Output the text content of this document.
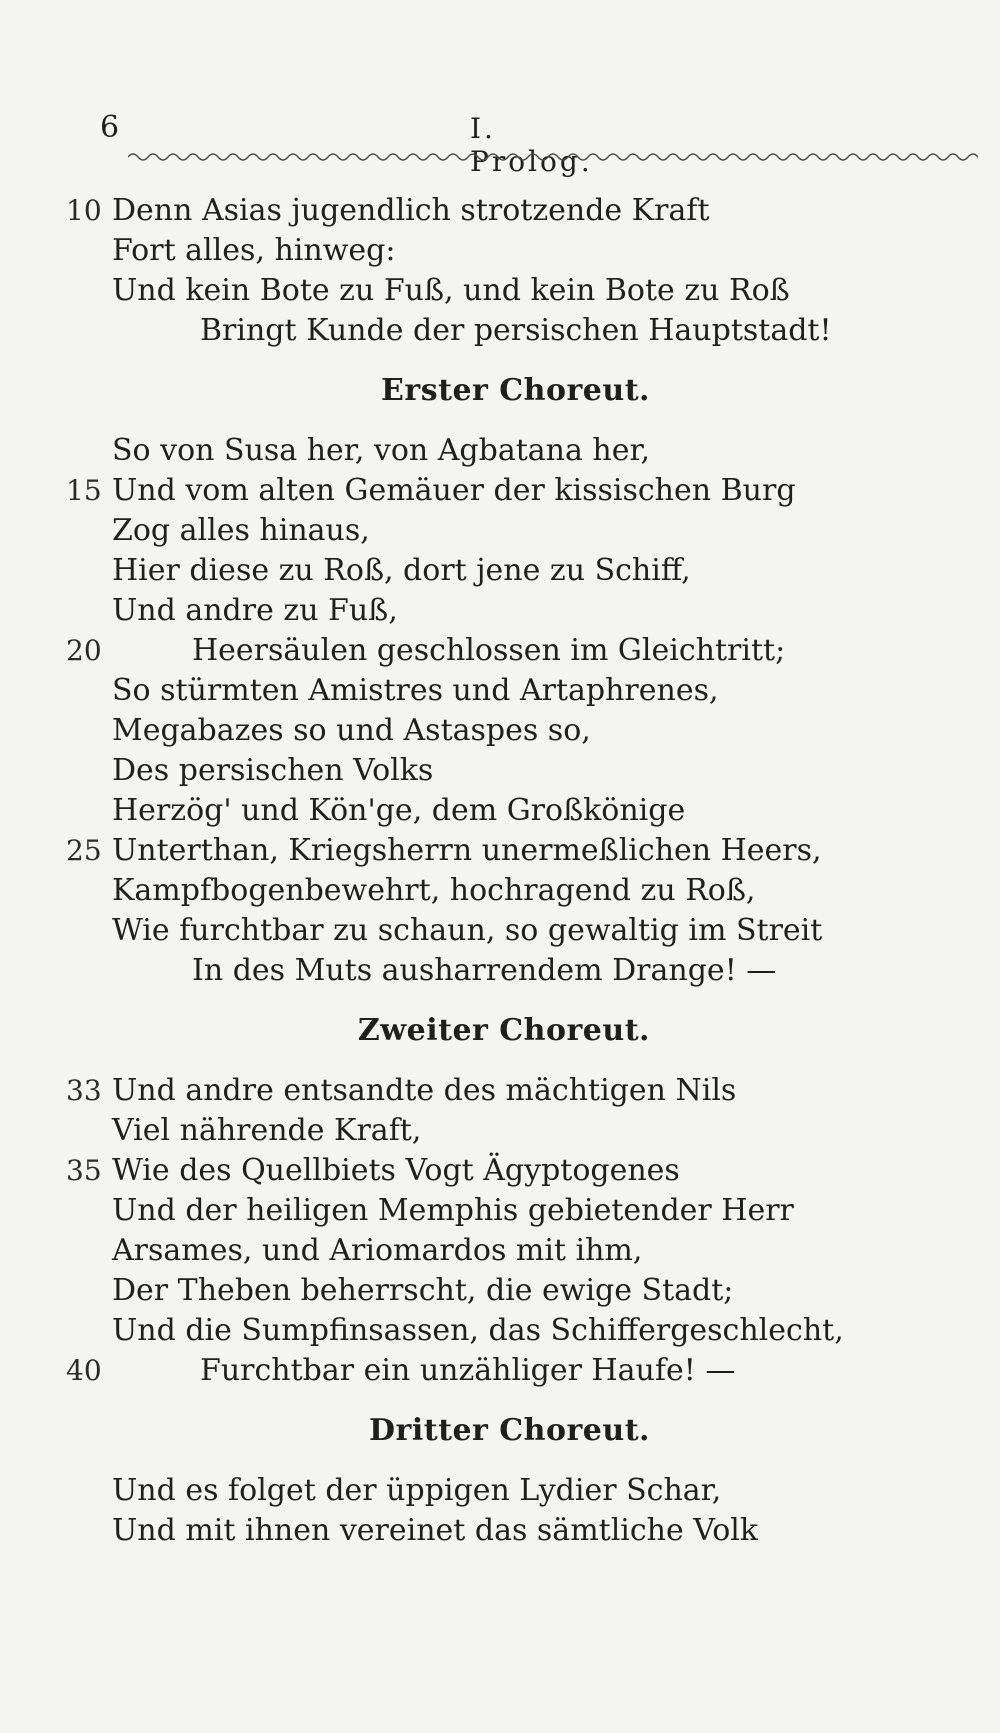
6	I. Prolog.
10 Denn Asias jugendlich strotzende Kraft
Fort alles, hinweg:
Und kein Bote zu Fuß, und kein Bote zu Roß
Bringt Kunde der persischen Hauptstadt!
Erster Choreut.
So von Susa her, von Agbatana her,
15 Und vom alten Gemäuer der kissischen Burg
Zog alles hinaus,
Hier diese zu Roß, dort jene zu Schiff,
Und andre zu Fuß,
20	Heersäulen geschlossen im Gleichtritt;
So stürmten Amistres und Artaphrenes,
Megabazes so und Astaspes so,
Des persischen Volks
Herzög' und Kön'ge, dem Großkönige
25 Unterthan, Kriegsherrn unermeßlichen Heers,
Kampfbogenbewehrt, hochragend zu Roß,
Wie furchtbar zu schaun, so gewaltig im Streit
In des Muts ausharrendem Drange! —
Zweiter Choreut.
33 Und andre entsandte des mächtigen Nils
Viel nährende Kraft,
35 Wie des Quellbiets Vogt Ägyptogenes
Und der heiligen Memphis gebietender Herr
Arsames, und Ariomardos mit ihm,
Der Theben beherrscht, die ewige Stadt;
Und die Sumpfinsassen, das Schiffergeschlecht,
40	Furchtbar ein unzähliger Haufe! —
Dritter Choreut.
Und es folget der üppigen Lydier Schar,
Und mit ihnen vereinet das sämtliche Volk
